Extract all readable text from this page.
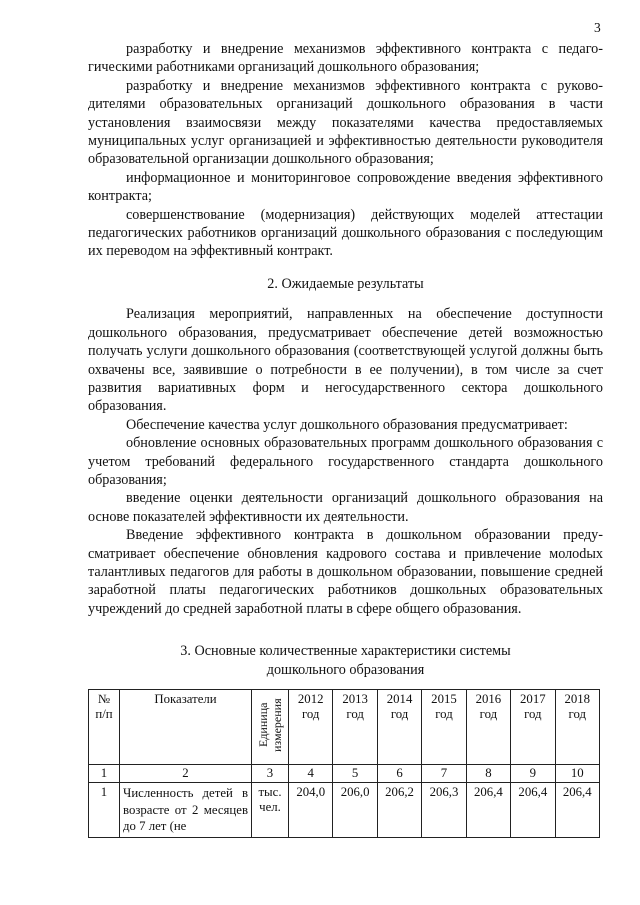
3

разработку и внедрение механизмов эффективного контракта с педагогическими работниками организаций дошкольного образования;

разработку и внедрение механизмов эффективного контракта с руководителями образовательных организаций дошкольного образования в части установления взаимосвязи между показателями качества предоставляемых муниципальных услуг организацией и эффективностью деятельности руководителя образовательной организации дошкольного образования;

информационное и мониторинговое сопровождение введения эффективного контракта;

совершенствование (модернизация) действующих моделей аттестации педагогических работников организаций дошкольного образования с последующим их переводом на эффективный контракт.

2. Ожидаемые результаты

Реализация мероприятий, направленных на обеспечение доступности дошкольного образования, предусматривает обеспечение детей возможностью получать услуги дошкольного образования (соответствующей услугой должны быть охвачены все, заявившие о потребности в ее получении), в том числе за счет развития вариативных форм и негосударственного сектора дошкольного образования.

Обеспечение качества услуг дошкольного образования предусматривает:

обновление основных образовательных программ дошкольного образования с учетом требований федерального государственного стандарта дошкольного образования;

введение оценки деятельности организаций дошкольного образования на основе показателей эффективности их деятельности.

Введение эффективного контракта в дошкольном образовании предусматривает обеспечение обновления кадрового состава и привлечение молоdых талантливых педагогов для работы в дошкольном образовании, повышение средней заработной платы педагогических работников дошкольных образовательных учреждений до средней заработной платы в сфере общего образования.

3. Основные количественные характеристики системы
дошкольного образования
№ п/п	Показатели	Единица измерения	2012 год	2013 год	2014 год	2015 год	2016 год	2017 год	2018 год
1	2	3	4	5	6	7	8	9	10
1	Численность детей в возрасте от 2 месяцев до 7 лет (не	тыс. чел.	204,0	206,0	206,2	206,3	206,4	206,4	206,4
